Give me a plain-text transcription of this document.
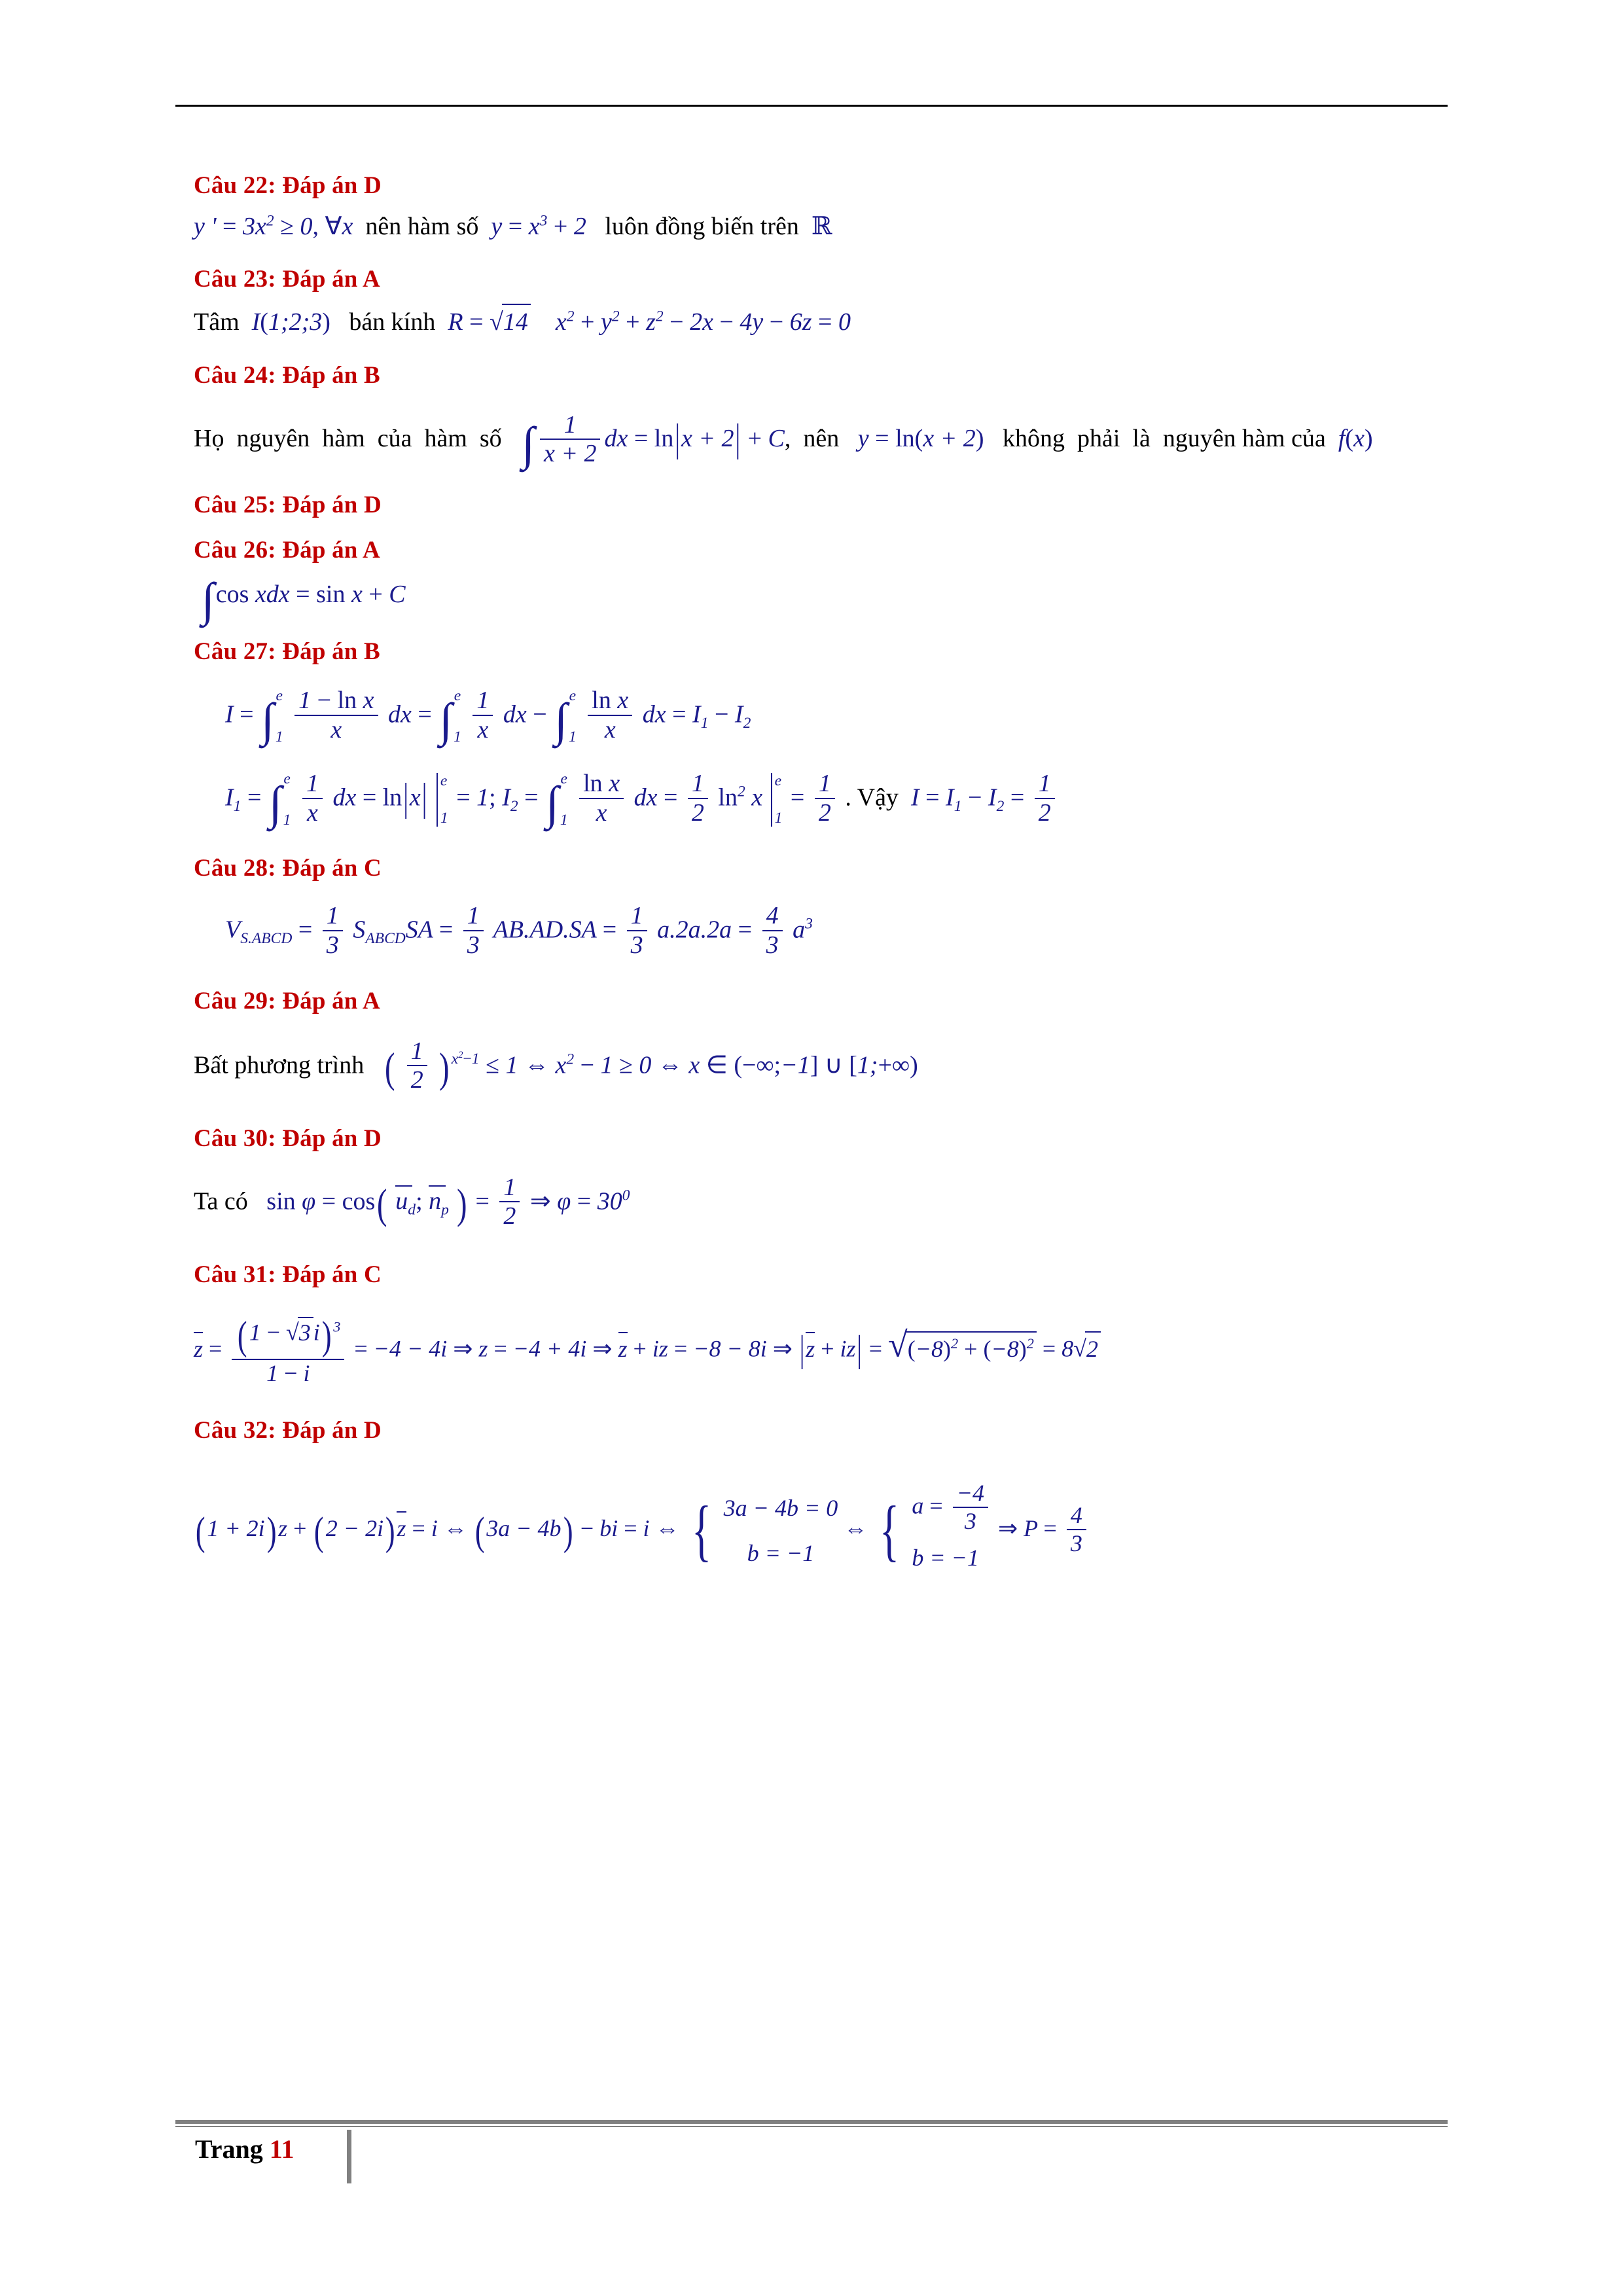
Câu 22: Đáp án D
y ' = $3x^2 \ge 0$, ∀x  nên hàm số  $y = x^3 + 2$   luôn đồng biến trên  ℝ
Câu 23: Đáp án A
Tâm  I(1;2;3)   bán kính  R = √14 $x^2 + y^2 + z^2 - 2x - 4y - 6z = 0$
Câu 24: Đáp án B
Họ  nguyên  hàm  của  hàm  số   ∫ $\frac{1}{x + 2}$ dx = ln|x + 2| + C,  nên   y = ln(x + 2)   không  phải  là  nguyên hàm của  f(x)
Câu 25: Đáp án D
Câu 26: Đáp án A
∫cos xdx = sin x + C
Câu 27: Đáp án B
I = ∫ e
1
$\frac{\text{1 − ln x}}{x}$ dx = ∫ e
1
$\frac{1}{x}$ dx − ∫ e
1
$\frac{\text{ln x}}{x}$ dx = $I_1 - I_2$
$I_1$ = ∫ e
1
$\frac{1}{x}$ dx = ln|x| e
1
= 1; $I_2$ = ∫ e
1
$\frac{\text{ln x}}{x}$ dx = $\frac{1}{2} \ln^2 x$
e
1
= $\frac{1}{2}$ . Vậy  $I = I_1 - I_2 = \frac{1}{2}$
Câu 28: Đáp án C
$V_{S.ABCD} = \frac{1}{3} S_{ABCD}SA = \frac{1}{3} AB.AD.SA = \frac{1}{3} a.2a.2a = \frac{4}{3} a^3$
Câu 29: Đáp án A
Bất phương trình   ( $\frac{1}{2}$ ) $^{x^2-1}$ ≤ 1 ⇔ $x^2 - 1 \ge 0$ ⇔ x ∈ (−∞;−1] ∪ [1;+∞)
Câu 30: Đáp án D
Ta có   sin φ = cos( $u_d$; $n_p$ ) = $\frac{1}{2}$ ⇒ $\varphi = 30^0$
Câu 31: Đáp án C
$z = \frac{(1 - √3 i) ^3}{1 - i} = -4 - 4i$ ⇒ z = −4 + 4i ⇒ z + iz = −8 − 8i ⇒ $|z + iz| = √(-8)^2 + (-8)^2 = 8√2$
Câu 32: Đáp án D
(1 + 2i)z + (2 − 2i)z = i ⇔ (3a − 4b) − bi = i ⇔ { 3a − 4b = 0
b = −1
⇔ { $a = \frac{-4}{3}$
b = −1
⇒ $P = \frac{4}{3}$
Trang 11
